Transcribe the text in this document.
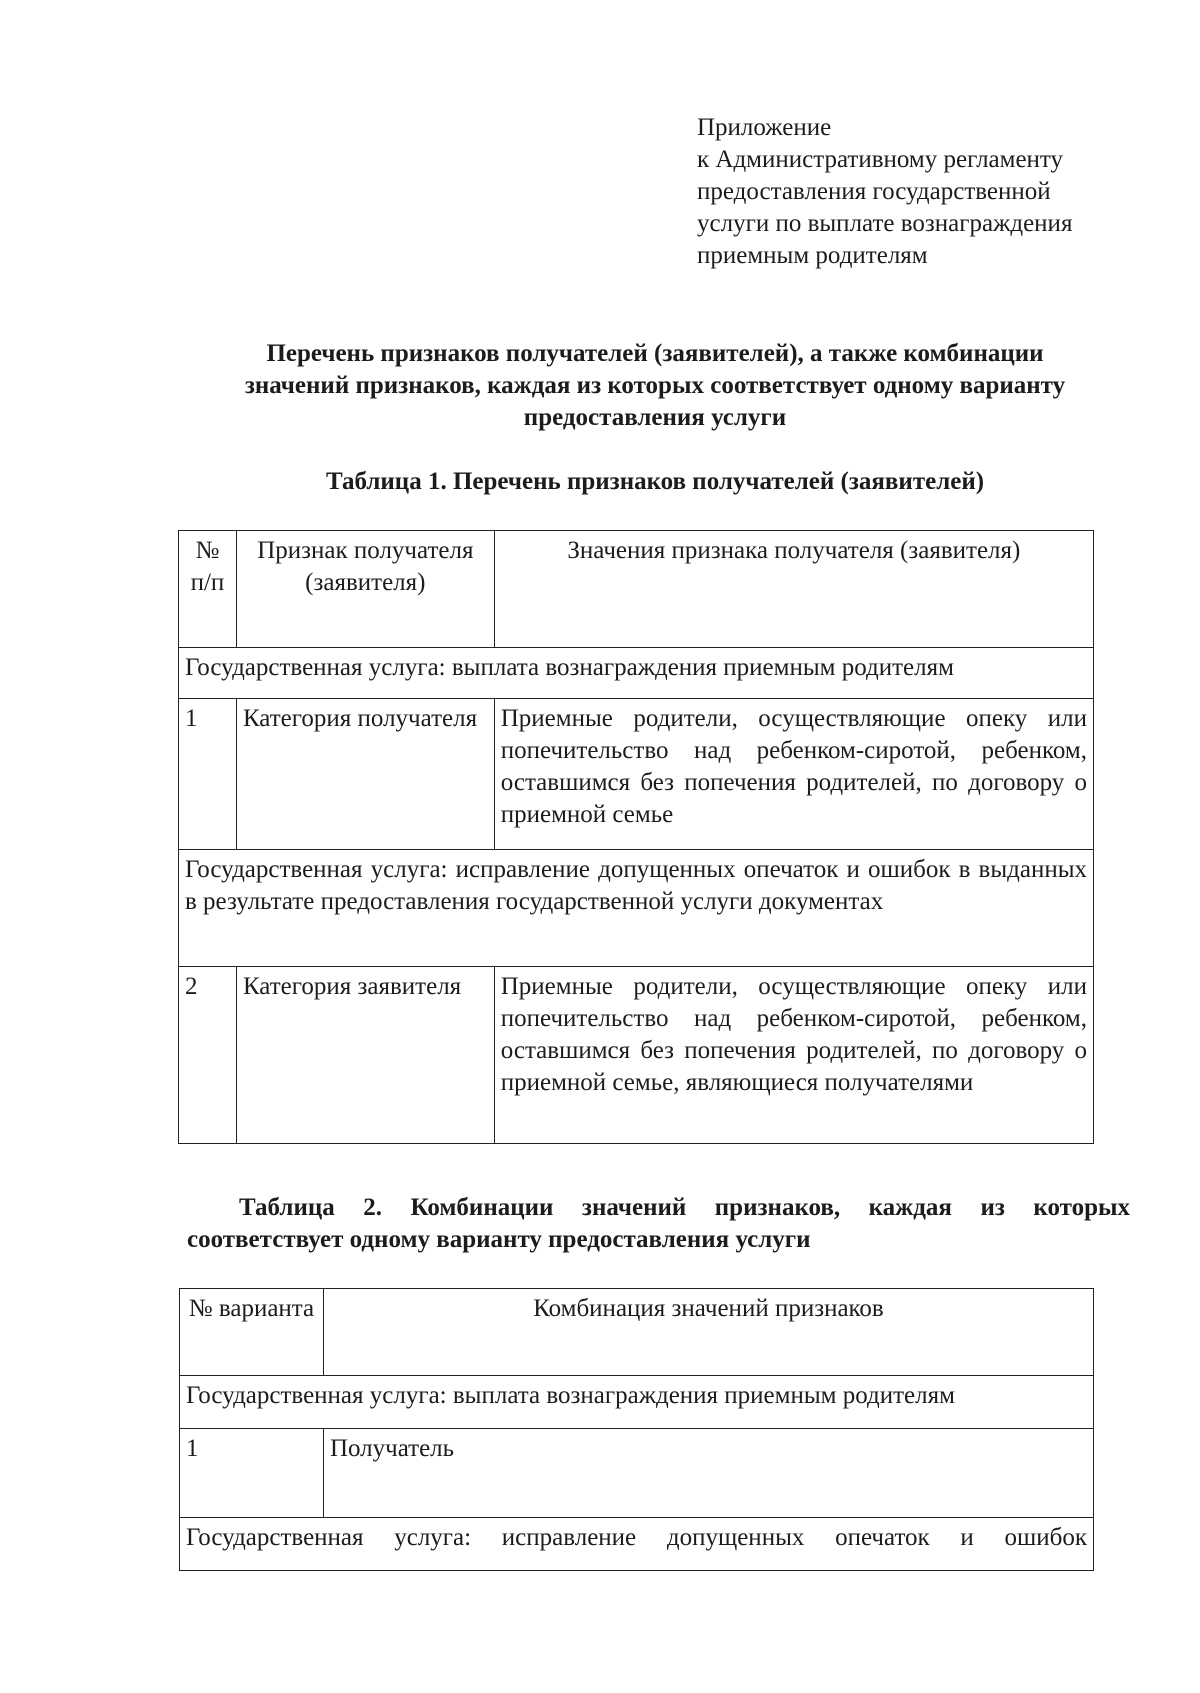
Приложение
к Административному регламенту
предоставления государственной
услуги по выплате вознаграждения
приемным родителям
Перечень признаков получателей (заявителей), а также комбинации
значений признаков, каждая из которых соответствует одному варианту
предоставления услуги
Таблица 1. Перечень признаков получателей (заявителей)
№ п/п	Признак получателя (заявителя)	Значения признака получателя (заявителя)
Государственная услуга: выплата вознаграждения приемным родителям		
1	Категория получателя	Приемные родители, осуществляющие опеку или попечительство над ребенком-сиротой, ребенком, оставшимся без попечения родителей, по договору о приемной семье
Государственная услуга: исправление допущенных опечаток и ошибок в выданных в результате предоставления государственной услуги документах		
2	Категория заявителя	Приемные родители, осуществляющие опеку или попечительство над ребенком-сиротой, ребенком, оставшимся без попечения родителей, по договору о приемной семье, являющиеся получателями
Таблица 2. Комбинации значений признаков, каждая из которых
соответствует одному варианту предоставления услуги
№ варианта	Комбинация значений признаков
Государственная услуга: выплата вознаграждения приемным родителям	
1	Получатель
Государственная услуга: исправление допущенных опечаток и ошибок	
